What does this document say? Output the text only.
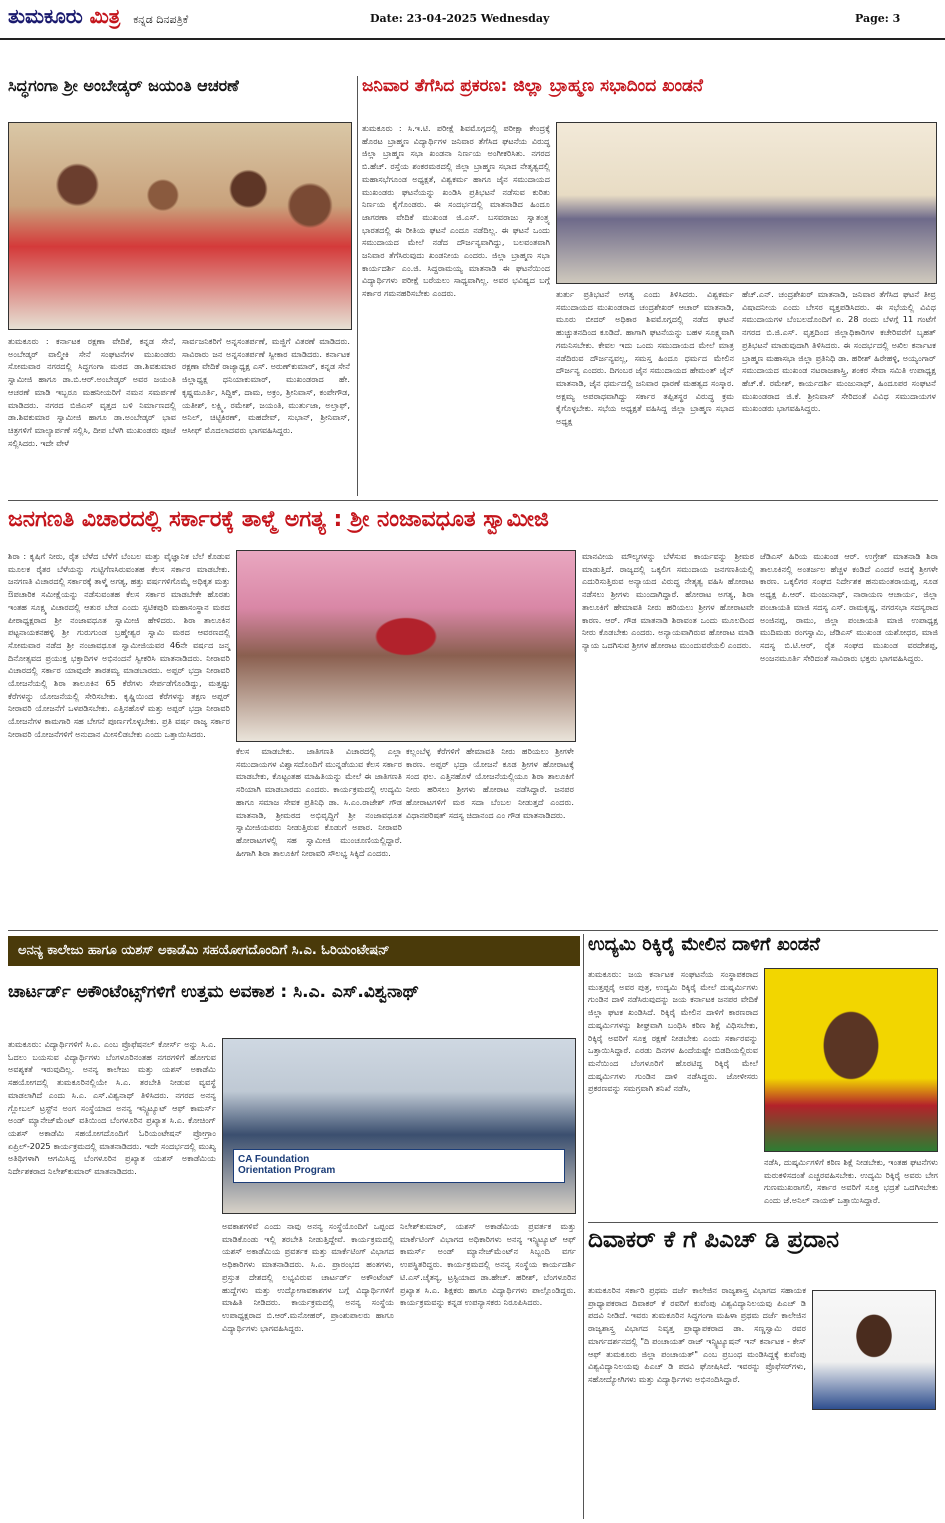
ತುಮಕೂರು ಮಿತ್ರ ಕನ್ನಡ ದಿನಪತ್ರಿಕೆ	Date: 23-04-2025 Wednesday	Page: 3
ಸಿದ್ಧಗಂಗಾ ಶ್ರೀ ಅಂಬೇಡ್ಕರ್ ಜಯಂತಿ ಆಚರಣೆ
ತುಮಕೂರು : ಕರ್ನಾಟಕ ರಕ್ಷಣಾ ವೇದಿಕೆ, ಕನ್ನಡ ಸೇನೆ, ಅಂಬೇಡ್ಕರ್ ವಾಲ್ಮೀಕಿ ಸೇನೆ ಸಂಘಟನೆಗಳ ಮುಖಂಡರು ಸೋಮವಾರ ನಗರದಲ್ಲಿ ಸಿದ್ಧಗಂಗಾ ಮಠದ ಡಾ.ಶಿವಕುಮಾರ ಸ್ವಾಮೀಜಿ ಹಾಗೂ ಡಾ.ಬಿ.ಆರ್.ಅಂಬೇಡ್ಕರ್ ಅವರ ಜಯಂತಿ ಆಚರಣೆ ಮಾಡಿ ಇಬ್ಬರೂ ಮಹನೀಯರಿಗೆ ನಮನ ಸಮರ್ಪಣೆ ಮಾಡಿದರು. ನಗರದ ಬಿಜಿಎಸ್ ವೃತ್ತದ ಬಳಿ ನಿರ್ಮಾಣದಲ್ಲಿ ಡಾ.ಶಿವಕುಮಾರ ಸ್ವಾಮೀಜಿ ಹಾಗೂ ಡಾ.ಅಂಬೇಡ್ಕರ್ ಭಾವ ಚಿತ್ರಗಳಿಗೆ ಮಾಲ್ಯಾರ್ಪಣೆ ಸಲ್ಲಿಸಿ, ದೀಪ ಬೆಳಗಿ ಮುಖಂಡರು ಪೂಜೆ ಸಲ್ಲಿಸಿದರು. ಇದೇ ವೇಳೆ
ಸಾರ್ವಜನಿಕರಿಗೆ ಅನ್ನಸಂತರ್ಪಣೆ, ಮಜ್ಜಿಗೆ ವಿತರಣೆ ಮಾಡಿದರು. ಸಾವಿರಾರು ಜನ ಅನ್ನಸಂತರ್ಪಣೆ ಸ್ವೀಕಾರ ಮಾಡಿದರು. ಕರ್ನಾಟಕ ರಕ್ಷಣಾ ವೇದಿಕೆ ರಾಜ್ಯಾಧ್ಯಕ್ಷ ಎಸ್. ಅರುಣ್‌ಕುಮಾರ್, ಕನ್ನಡ ಸೇನೆ ಜಿಲ್ಲಾಧ್ಯಕ್ಷ ಧನಿಯಾಕುಮಾರ್, ಮುಖಂಡರಾದ ಹೇ. ಕೃಷ್ಣಮೂರ್ತಿ, ಸಿದ್ದಿಕ್, ದಾಮ, ಅಕ್ರಂ, ಶ್ರೀನಿವಾಸ್, ಕಂಪೇಗೌಡ, ಯತೀಶ್, ಲಕ್ಷ್ಮಿ, ರಮೇಶ್, ಜಯಂತಿ, ಮುರ್ತುಜಾ, ಅಲ್ತಾಫ್, ಅನಿಲ್, ಚಿಟ್ಟಿಕಿರಣ್, ಮಹದೇವ್, ಸುಭಾನ್, ಶ್ರೀನಿವಾಸ್, ಆಸೀಫ್ ಮೊದಲಾದವರು ಭಾಗವಹಿಸಿದ್ದರು.
ಜನಿವಾರ ತೆಗೆಸಿದ ಪ್ರಕರಣ: ಜಿಲ್ಲಾ ಬ್ರಾಹ್ಮಣ ಸಭಾದಿಂದ ಖಂಡನೆ
ತುಮಕೂರು : ಸಿ.ಇ.ಟಿ. ಪರೀಕ್ಷೆ ಶಿವಮೊಗ್ಗದಲ್ಲಿ ಪರೀಕ್ಷಾ ಕೇಂದ್ರಕ್ಕೆ ಹೊರಟ ಬ್ರಾಹ್ಮಣ ವಿದ್ಯಾರ್ಥಿಗಳ ಜನಿವಾರ ತೆಗೆಸಿದ ಘಟನೆಯ ವಿರುದ್ಧ ಜಿಲ್ಲಾ ಬ್ರಾಹ್ಮಣ ಸಭಾ ಖಂಡನಾ ನಿರ್ಣಯ ಅಂಗೀಕರಿಸಿತು. ನಗರದ ಬಿ.ಹೆಚ್. ರಸ್ತೆಯ ಶಂಕರಮಠದಲ್ಲಿ ಜಿಲ್ಲಾ ಬ್ರಾಹ್ಮಣ ಸಭಾದ ನೇತೃತ್ವದಲ್ಲಿ ಮಹಾಸಭೆಗೂಂಡ ಅಧ್ಯಕ್ಷತೆ, ವಿಶ್ವಕರ್ಮ ಹಾಗೂ ಜೈನ ಸಮುದಾಯದ ಮುಖಂಡರು ಘಟನೆಯನ್ನು ಖಂಡಿಸಿ ಪ್ರತಿಭಟನೆ ನಡೆಸುವ ಕುರಿತು ನಿರ್ಣಯ ಕೈಗೊಂಡರು. ಈ ಸಂದರ್ಭದಲ್ಲಿ ಮಾತನಾಡಿದ ಹಿಂದೂ ಜಾಗರಣಾ ವೇದಿಕೆ ಮುಖಂಡ ಜಿ.ಎಸ್. ಬಸವರಾಜು ಸ್ವಾತಂತ್ರ್ಯ ಭಾರತದಲ್ಲಿ ಈ ರೀತಿಯ ಘಟನೆ ಎಂದೂ ನಡೆದಿಲ್ಲ. ಈ ಘಟನೆ ಒಂದು ಸಮುದಾಯದ ಮೇಲೆ ನಡೆದ ದೌರ್ಜನ್ಯವಾಗಿದ್ದು, ಬಲವಂತವಾಗಿ ಜನಿವಾರ ತೆಗೆಸಿರುವುದು ಖಂಡನೀಯ ಎಂದರು. ಜಿಲ್ಲಾ ಬ್ರಾಹ್ಮಣ ಸಭಾ ಕಾರ್ಯದರ್ಶಿ ಎಂ.ಜಿ. ಸಿದ್ದರಾಮಯ್ಯ ಮಾತನಾಡಿ ಈ ಘಟನೆಯಿಂದ ವಿದ್ಯಾರ್ಥಿಗಳು ಪರೀಕ್ಷೆ ಬರೆಯಲು ಸಾಧ್ಯವಾಗಿಲ್ಲ. ಅವರ ಭವಿಷ್ಯದ ಬಗ್ಗೆ ಸರ್ಕಾರ ಗಮನಹರಿಸಬೇಕು ಎಂದರು.	ತುರ್ತು ಪ್ರತಿಭಟನೆ ಅಗತ್ಯ ಎಂದು ತಿಳಿಸಿದರು. ವಿಶ್ವಕರ್ಮ ಸಮುದಾಯದ ಮುಖಂಡರಾದ ಚಂದ್ರಶೇಖರ್ ಆಚಾರ್ ಮಾತನಾಡಿ, ಮೂರು ಬೀದರ್ ಅಧಿಕಾರ ಶಿವಮೊಗ್ಗದಲ್ಲಿ ನಡೆದ ಘಟನೆ ಹುಚ್ಚುತನದಿಂದ ಕೂಡಿದೆ. ಹಾಗಾಗಿ ಘಟನೆಯನ್ನು ಬಹಳ ಸೂಕ್ಷ್ಮವಾಗಿ ಗಮನಿಸಬೇಕು. ಕೇವಲ ಇದು ಒಂದು ಸಮುದಾಯದ ಮೇಲೆ ಮಾತ್ರ ನಡೆದಿರುವ ದೌರ್ಜನ್ಯವಲ್ಲ, ಸಮಸ್ತ ಹಿಂದೂ ಧರ್ಮದ ಮೇಲಿನ ದೌರ್ಜನ್ಯ ಎಂದರು. ದಿಗಂಬರ ಜೈನ ಸಮುದಾಯದ ಹೇಮಂತ್ ಜೈನ್ ಮಾತನಾಡಿ, ಜೈನ ಧರ್ಮದಲ್ಲಿ ಜನಿವಾರ ಧಾರಣೆ ಮಹತ್ವದ ಸಂಸ್ಕಾರ. ಅಕ್ಷಮ್ಯ ಅಪರಾಧವಾಗಿದ್ದು ಸರ್ಕಾರ ತಪ್ಪಿತಸ್ಥರ ವಿರುದ್ಧ ಕ್ರಮ ಕೈಗೊಳ್ಳಬೇಕು. ಸಭೆಯ ಅಧ್ಯಕ್ಷತೆ ವಹಿಸಿದ್ದ ಜಿಲ್ಲಾ ಬ್ರಾಹ್ಮಣ ಸಭಾದ ಅಧ್ಯಕ್ಷ
ಹೆಚ್.ಎನ್. ಚಂದ್ರಶೇಖರ್ ಮಾತನಾಡಿ, ಜನಿವಾರ ತೆಗೆಸಿದ ಘಟನೆ ತೀವ್ರ ವಿಷಾದನೀಯ ಎಂದು ಬೇಸರ ವ್ಯಕ್ತಪಡಿಸಿದರು. ಈ ಸಭೆಯಲ್ಲಿ ವಿವಿಧ ಸಮುದಾಯಗಳ ಬೆಂಬಲದೊಂದಿಗೆ ಏ. 28 ರಂದು ಬೆಳಗ್ಗೆ 11 ಗಂಟೆಗೆ ನಗರದ ಬಿ.ಜಿ.ಎಸ್. ವೃತ್ತದಿಂದ ಜಿಲ್ಲಾಧಿಕಾರಿಗಳ ಕಚೇರಿವರೆಗೆ ಬೃಹತ್ ಪ್ರತಿಭಟನೆ ಮಾಡುವುದಾಗಿ ತಿಳಿಸಿದರು. ಈ ಸಂದರ್ಭದಲ್ಲಿ ಅಖಿಲ ಕರ್ನಾಟಕ ಬ್ರಾಹ್ಮಣ ಮಹಾಸಭಾ ಜಿಲ್ಲಾ ಪ್ರತಿನಿಧಿ ಡಾ. ಹರೀಶ್ ಹಿರೇಹಳ್ಳಿ, ಅಯ್ಯಂಗಾರ್ ಸಮುದಾಯದ ಮುಖಂಡ ನಟರಾಜಶಾಸ್ತ್ರಿ, ಶಂಕರ ಸೇವಾ ಸಮಿತಿ ಉಪಾಧ್ಯಕ್ಷ ಹೆಚ್.ಕೆ. ರಮೇಶ್, ಕಾರ್ಯದರ್ಶಿ ಮಂಜುನಾಥ್, ಹಿಂದೂಪರ ಸಂಘಟನೆ ಮುಖಂಡರಾದ ಜಿ.ಕೆ. ಶ್ರೀನಿವಾಸ್ ಸೇರಿದಂತೆ ವಿವಿಧ ಸಮುದಾಯಗಳ ಮುಖಂಡರು ಭಾಗವಹಿಸಿದ್ದರು.
ಜನಗಣತಿ ವಿಚಾರದಲ್ಲಿ ಸರ್ಕಾರಕ್ಕೆ ತಾಳ್ಮೆ ಅಗತ್ಯ : ಶ್ರೀ ನಂಜಾವಧೂತ ಸ್ವಾಮೀಜಿ
ಶಿರಾ : ಕೃಷಿಗೆ ನೀರು, ರೈತ ಬೆಳೆದ ಬೆಳೆಗೆ ಬೆಂಬಲ ಮತ್ತು ವೈಜ್ಞಾನಿಕ ಬೆಲೆ ಕೊಡುವ ಮೂಲಕ ರೈತರ ಬೆಳೆಯನ್ನು ಗುಟ್ಟಿಗೆಣಸಿರುವಂತಹ ಕೆಲಸ ಸರ್ಕಾರ ಮಾಡಬೇಕು. ಜನಗಣತಿ ವಿಚಾರದಲ್ಲಿ ಸರ್ಕಾರಕ್ಕೆ ತಾಳ್ಮೆ ಅಗತ್ಯ, ಹತ್ತು ವರ್ಷಗಳಿಗೊಮ್ಮೆ ಅಧಿಕೃತ ಮತ್ತು ಔಪಚಾರಿಕ ಸಮೀಕ್ಷೆಯನ್ನು ನಡೆಸುವಂತಹ ಕೆಲಸ ಸರ್ಕಾರ ಮಾಡಬೇಕೇ ಹೊರತು ಇಂತಹ ಸೂಕ್ಷ್ಮ ವಿಚಾರದಲ್ಲಿ ಆತುರ ಬೇಡ ಎಂದು ಸ್ಫಟಿಕಪುರಿ ಮಹಾಸಂಸ್ಥಾನ ಮಠದ ಪೀಠಾಧ್ಯಕ್ಷರಾದ ಶ್ರೀ ನಂಜಾವಧೂತ ಸ್ವಾಮೀಜಿ ಹೇಳಿದರು. ಶಿರಾ ತಾಲೂಕಿನ ಪಟ್ಟನಾಯಕನಹಳ್ಳಿ ಶ್ರೀ ಗುರುಗುಂಡ ಬ್ರಹ್ಮೇಶ್ವರ ಸ್ವಾಮಿ ಮಠದ ಆವರಣದಲ್ಲಿ ಸೋಮವಾರ ನಡೆದ ಶ್ರೀ ನಂಜಾವಧೂತ ಸ್ವಾಮೀಜಿಯವರ 46ನೇ ವರ್ಷದ ಜನ್ಮ ದಿನೋತ್ಸವದ ಪ್ರಯುಕ್ತ ಭಕ್ತಾದಿಗಳ ಅಭಿನಂದನೆ ಸ್ವೀಕರಿಸಿ ಮಾತನಾಡಿದರು. ನೀರಾವರಿ ವಿಚಾರದಲ್ಲಿ ಸರ್ಕಾರ ಯಾವುದೇ ತಾರತಮ್ಯ ಮಾಡಬಾರದು. ಅಪ್ಪರ್ ಭದ್ರಾ ನೀರಾವರಿ ಯೋಜನೆಯಲ್ಲಿ ಶಿರಾ ತಾಲೂಕಿನ 65 ಕೆರೆಗಳು ಸೇರ್ಪಡೆಗೊಂಡಿದ್ದು, ಮತ್ತಷ್ಟು ಕೆರೆಗಳನ್ನು ಯೋಜನೆಯಲ್ಲಿ ಸೇರಿಸಬೇಕು. ಕೃಷ್ಣಿಯಿಂದ ಕೆರೆಗಳನ್ನು ತಕ್ಷಣ ಅಪ್ಪರ್ ನೀರಾವರಿ ಯೋಜನೆಗೆ ಒಳಪಡಿಸಬೇಕು. ಎತ್ತಿನಹೊಳೆ ಮತ್ತು ಅಪ್ಪರ್ ಭದ್ರಾ ನೀರಾವರಿ ಯೋಜನೆಗಳ ಕಾಮಗಾರಿ ಸಹ ಬೇಗನೆ ಪೂರ್ಣಗೊಳ್ಳಬೇಕು. ಪ್ರತಿ ವರ್ಷ ರಾಜ್ಯ ಸರ್ಕಾರ ನೀರಾವರಿ ಯೋಜನೆಗಳಿಗೆ ಅನುದಾನ ಮೀಸಲಿಡಬೇಕು ಎಂದು ಒತ್ತಾಯಿಸಿದರು.
ಕೆಲಸ ಮಾಡಬೇಕು. ಜಾತಿಗಣತಿ ವಿಚಾರದಲ್ಲಿ ಎಲ್ಲಾ ಸಮುದಾಯಗಳ ವಿಶ್ವಾಸದೊಂದಿಗೆ ಮುನ್ನಡೆಯುವ ಕೆಲಸ ಸರ್ಕಾರ ಮಾಡಬೇಕು, ಕೊಟ್ಟಂತಹ ಮಾಹಿತಿಯನ್ನು ಮೇಲೆ ಈ ಜಾತಿಗಣತಿ ಸರಿಯಾಗಿ ಮಾಡಬಾರದು ಎಂದರು. ಕಾರ್ಯಕ್ರಮದಲ್ಲಿ ಉದ್ಯಮಿ ಹಾಗೂ ಸಮಾಜ ಸೇವಕ ಪ್ರತಿನಿಧಿ ಡಾ. ಸಿ.ಎಂ.ರಾಜೇಶ್ ಗೌಡ ಮಾತನಾಡಿ, ಶ್ರೀಮಠದ ಅಭಿವೃದ್ಧಿಗೆ ಶ್ರೀ ನಂಜಾವಧೂತ ಸ್ವಾಮೀಜಿಯವರು ನೀಡುತ್ತಿರುವ ಕೊಡುಗೆ ಅಪಾರ. ನೀರಾವರಿ ಹೋರಾಟಗಳಲ್ಲಿ ಸಹ ಸ್ವಾಮೀಜಿ ಮುಂಚೂಣಿಯಲ್ಲಿದ್ದಾರೆ. ಹೀಗಾಗಿ ಶಿರಾ ತಾಲೂಕಿಗೆ ನೀರಾವರಿ ಸೌಲಭ್ಯ ಸಿಕ್ಕಿದೆ ಎಂದರು.
ಕಲ್ಲಂಬೆಳ್ಳ ಕೆರೆಗಳಿಗೆ ಹೇಮಾವತಿ ನೀರು ಹರಿಯಲು ಶ್ರೀಗಳೇ ಕಾರಣ. ಅಪ್ಪರ್ ಭದ್ರಾ ಯೋಜನೆ ಕೂಡ ಶ್ರೀಗಳ ಹೋರಾಟಕ್ಕೆ ಸಂದ ಫಲ. ಎತ್ತಿನಹೊಳೆ ಯೋಜನೆಯಲ್ಲಿಯೂ ಶಿರಾ ತಾಲೂಕಿಗೆ ನೀರು ಹರಿಸಲು ಶ್ರೀಗಳು ಹೋರಾಟ ನಡೆಸಿದ್ದಾರೆ. ಜನಪರ ಹೋರಾಟಗಳಿಗೆ ಮಠ ಸದಾ ಬೆಂಬಲ ನೀಡುತ್ತದೆ ಎಂದರು. ವಿಧಾನಪರಿಷತ್ ಸದಸ್ಯ ಚಿದಾನಂದ ಎಂ ಗೌಡ ಮಾತನಾಡಿದರು.
ಮಾನವೀಯ ಮೌಲ್ಯಗಳನ್ನು ಬೆಳೆಸುವ ಕಾರ್ಯವನ್ನು ಶ್ರೀಮಠ ಮಾಡುತ್ತಿದೆ. ರಾಜ್ಯದಲ್ಲಿ ಒಕ್ಕಲಿಗ ಸಮುದಾಯ ಜನಗಣತಿಯಲ್ಲಿ ಎದುರಿಸುತ್ತಿರುವ ಅನ್ಯಾಯದ ವಿರುದ್ಧ ನೇತೃತ್ವ ವಹಿಸಿ ಹೋರಾಟ ನಡೆಸಲು ಶ್ರೀಗಳು ಮುಂದಾಗಿದ್ದಾರೆ. ಹೋರಾಟ ಅಗತ್ಯ, ಶಿರಾ ತಾಲೂಕಿಗೆ ಹೇಮಾವತಿ ನೀರು ಹರಿಯಲು ಶ್ರೀಗಳ ಹೋರಾಟವೇ ಕಾರಣ. ಆರ್. ಗೌಡ ಮಾತನಾಡಿ ಶಿರಾವಂತ ಒಂದು ಮೂಲದಿಂದ ನೀರು ಕೊಡಬೇಕು ಎಂದರು. ಅನ್ಯಾಯವಾಗಿರುವ ಹೋರಾಟ ಮಾಡಿ ನ್ಯಾಯ ಒದಗಿಸುವ ಶ್ರೀಗಳ ಹೋರಾಟ ಮುಂದುವರೆಯಲಿ ಎಂದರು.
ಜೆಡಿಎಸ್ ಹಿರಿಯ ಮುಖಂಡ ಆರ್. ಉಗ್ರೇಶ್ ಮಾತನಾಡಿ ಶಿರಾ ತಾಲೂಕಿನಲ್ಲಿ ಅಂತರ್ಜಲ ಹೆಚ್ಚಳ ಕಂಡಿದೆ ಎಂದರೆ ಅದಕ್ಕೆ ಶ್ರೀಗಳೇ ಕಾರಣ. ಒಕ್ಕಲಿಗರ ಸಂಘದ ನಿರ್ದೇಶಕ ಹನುಮಂತರಾಯಪ್ಪ, ಸೂಡ ಅಧ್ಯಕ್ಷ ಪಿ.ಆರ್. ಮಂಜುನಾಥ್, ನಾರಾಯಣ ಆಚಾರ್ಯ, ಜಿಲ್ಲಾ ಪಂಚಾಯತಿ ಮಾಜಿ ಸದಸ್ಯ ಎಸ್. ರಾಮಕೃಷ್ಣ, ನಗರಸಭಾ ಸದಸ್ಯರಾದ ಅಂಜಿನಪ್ಪ, ರಾಮು, ಜಿಲ್ಲಾ ಪಂಚಾಯತಿ ಮಾಜಿ ಉಪಾಧ್ಯಕ್ಷ ಮುದಿಮಡು ರಂಗಸ್ವಾಮಿ, ಜೆಡಿಎಸ್ ಮುಖಂಡ ಯಶೋಧರ, ಮಾಜಿ ಸದಸ್ಯ ಬಿ.ಟಿ.ಆರ್, ರೈತ ಸಂಘದ ಮುಖಂಡ ವರದೇಶಪ್ಪ, ಅಂಜನಮೂರ್ತಿ ಸೇರಿದಂತೆ ಸಾವಿರಾರು ಭಕ್ತರು ಭಾಗವಹಿಸಿದ್ದರು.
ಅನನ್ಯ ಕಾಲೇಜು ಹಾಗೂ ಯಶಸ್ ಅಕಾಡೆಮಿ ಸಹಯೋಗದೊಂದಿಗೆ ಸಿ.ಎ. ಓರಿಯಂಟೇಷನ್
ಚಾರ್ಟರ್ಡ್ ಅಕೌಂಟೆಂಟ್ಸ್‌ಗಳಿಗೆ ಉತ್ತಮ ಅವಕಾಶ : ಸಿ.ಎ. ಎಸ್.ವಿಶ್ವನಾಥ್
ತುಮಕೂರು: ವಿದ್ಯಾರ್ಥಿಗಳಿಗೆ ಸಿ.ಎ. ಎಂಬ ಪ್ರೊಫೆಷನಲ್ ಕೋರ್ಸ್ ಅನ್ನು ಸಿ.ಎ. ಓದಲು ಬಯಸುವ ವಿದ್ಯಾರ್ಥಿಗಳು ಬೆಂಗಳೂರಿನಂತಹ ನಗರಗಳಿಗೆ ಹೋಗುವ ಅವಶ್ಯಕತೆ ಇರುವುದಿಲ್ಲ. ಅನನ್ಯ ಕಾಲೇಜು ಮತ್ತು ಯಶಸ್ ಅಕಾಡೆಮಿ ಸಹಯೋಗದಲ್ಲಿ ತುಮಕೂರಿನಲ್ಲಿಯೇ ಸಿ.ಎ. ತರಬೇತಿ ನೀಡುವ ವ್ಯವಸ್ಥೆ ಮಾಡಲಾಗಿದೆ ಎಂದು ಸಿ.ಎ. ಎಸ್.ವಿಶ್ವನಾಥ್ ತಿಳಿಸಿದರು. ನಗರದ ಅನನ್ಯ ಗ್ಲೋಬಲ್ ಟ್ರಸ್ಟ್‌ನ ಅಂಗ ಸಂಸ್ಥೆಯಾದ ಅನನ್ಯ ಇನ್ಸ್ಟಿಟ್ಯೂಟ್ ಆಫ್ ಕಾಮರ್ಸ್ ಅಂಡ್ ಮ್ಯಾನೇಜ್‌ಮೆಂಟ್ ವತಿಯಿಂದ ಬೆಂಗಳೂರಿನ ಪ್ರಖ್ಯಾತ ಸಿ.ಎ. ಕೋಚಿಂಗ್ ಯಶಸ್ ಅಕಾಡೆಮಿ ಸಹಯೋಗದೊಂದಿಗೆ ಓರಿಯಂಟೇಷನ್ ಪ್ರೋಗ್ರಾಂ ಏಪ್ರಿಲ್-2025 ಕಾರ್ಯಕ್ರಮದಲ್ಲಿ ಮಾತನಾಡಿದರು. ಇದೇ ಸಂದರ್ಭದಲ್ಲಿ ಮುಖ್ಯ ಅತಿಥಿಗಳಾಗಿ ಆಗಮಿಸಿದ್ದ ಬೆಂಗಳೂರಿನ ಪ್ರಖ್ಯಾತ ಯಶಸ್ ಅಕಾಡೆಮಿಯ ನಿರ್ದೇಶಕರಾದ ನಿಲೇಶ್‌ಕುಮಾರ್ ಮಾತನಾಡಿದರು.
CA Foundation
Orientation Program
ಅವಕಾಶಗಳಿವೆ ಎಂದು ನಾವು ಅನನ್ಯ ಸಂಸ್ಥೆಯೊಂದಿಗೆ ಒಪ್ಪಂದ ಮಾಡಿಕೊಂಡು ಇಲ್ಲಿ ತರಬೇತಿ ನೀಡುತ್ತಿದ್ದೇವೆ. ಕಾರ್ಯಕ್ರಮದಲ್ಲಿ ಯಶಸ್ ಅಕಾಡೆಮಿಯ ಪ್ರವರ್ತಕ ಮತ್ತು ಮಾರ್ಕೆಟಿಂಗ್ ವಿಭಾಗದ ಅಧಿಕಾರಿಗಳು ಮಾತನಾಡಿದರು. ಸಿ.ಎ. ಪ್ರಾರಂಭದ ಹಂತಗಳು, ಪ್ರಸ್ತುತ ದೇಶದಲ್ಲಿ ಲಭ್ಯವಿರುವ ಚಾರ್ಟರ್ಡ್ ಅಕೌಂಟೆಂಟ್ ಹುದ್ದೆಗಳು ಮತ್ತು ಉದ್ಯೋಗಾವಕಾಶಗಳ ಬಗ್ಗೆ ವಿದ್ಯಾರ್ಥಿಗಳಿಗೆ ಮಾಹಿತಿ ನೀಡಿದರು. ಕಾರ್ಯಕ್ರಮದಲ್ಲಿ ಅನನ್ಯ ಸಂಸ್ಥೆಯ ಉಪಾಧ್ಯಕ್ಷರಾದ ಬಿ.ಆರ್.ಮನೋಹರ್, ಪ್ರಾಂಶುಪಾಲರು ಹಾಗೂ ವಿದ್ಯಾರ್ಥಿಗಳು ಭಾಗವಹಿಸಿದ್ದರು.
ನಿಲೇಶ್‌ಕುಮಾರ್, ಯಶಸ್ ಅಕಾಡೆಮಿಯ ಪ್ರವರ್ತಕ ಮತ್ತು ಮಾರ್ಕೆಟಿಂಗ್ ವಿಭಾಗದ ಅಧಿಕಾರಿಗಳು ಅನನ್ಯ ಇನ್ಸ್ಟಿಟ್ಯೂಟ್ ಆಫ್ ಕಾಮರ್ಸ್ ಅಂಡ್ ಮ್ಯಾನೇಜ್‌ಮೆಂಟ್‌ನ ಸಿಬ್ಬಂದಿ ವರ್ಗ ಉಪಸ್ಥಿತರಿದ್ದರು. ಕಾರ್ಯಕ್ರಮದಲ್ಲಿ ಅನನ್ಯ ಸಂಸ್ಥೆಯ ಕಾರ್ಯದರ್ಶಿ ಟಿ.ಎಸ್.ಚೈತನ್ಯ, ಟ್ರಸ್ಟಿಯಾದ ಡಾ.ಹೇಚ್. ಹರೀಶ್, ಬೆಂಗಳೂರಿನ ಪ್ರಖ್ಯಾತ ಸಿ.ಎ. ಶಿಕ್ಷಕರು ಹಾಗೂ ವಿದ್ಯಾರ್ಥಿಗಳು ಪಾಲ್ಗೊಂಡಿದ್ದರು. ಕಾರ್ಯಕ್ರಮವನ್ನು ಕನ್ನಡ ಉಪನ್ಯಾಸಕರು ನಿರೂಪಿಸಿದರು.
ಉದ್ಯಮಿ ರಿಕ್ಕಿರೈ ಮೇಲಿನ ದಾಳಿಗೆ ಖಂಡನೆ
ತುಮಕೂರು: ಜಯ ಕರ್ನಾಟಕ ಸಂಘಟನೆಯ ಸಂಸ್ಥಾಪಕರಾದ ಮುತ್ತಪ್ಪರೈ ಅವರ ಪುತ್ರ, ಉದ್ಯಮಿ ರಿಕ್ಕಿರೈ ಮೇಲೆ ದುಷ್ಕರ್ಮಿಗಳು ಗುಂಡಿನ ದಾಳಿ ನಡೆಸಿರುವುದನ್ನು ಜಯ ಕರ್ನಾಟಕ ಜನಪರ ವೇದಿಕೆ ಜಿಲ್ಲಾ ಘಟಕ ಖಂಡಿಸಿದೆ. ರಿಕ್ಕಿರೈ ಮೇಲಿನ ದಾಳಿಗೆ ಕಾರಣರಾದ ದುಷ್ಕರ್ಮಿಗಳನ್ನು ಶೀಘ್ರವಾಗಿ ಬಂಧಿಸಿ ಕಠಿಣ ಶಿಕ್ಷೆ ವಿಧಿಸಬೇಕು, ರಿಕ್ಕಿರೈ ಅವರಿಗೆ ಸೂಕ್ತ ರಕ್ಷಣೆ ನೀಡಬೇಕು ಎಂದು ಸರ್ಕಾರವನ್ನು ಒತ್ತಾಯಿಸಿದ್ದಾರೆ. ಎರಡು ದಿನಗಳ ಹಿಂದೆಯಷ್ಟೇ ಬಿಡದಿಯಲ್ಲಿರುವ ಮನೆಯಿಂದ ಬೆಂಗಳೂರಿಗೆ ಹೊರಟಿದ್ದ ರಿಕ್ಕಿರೈ ಮೇಲೆ ದುಷ್ಕರ್ಮಿಗಳು ಗುಂಡಿನ ದಾಳಿ ನಡೆಸಿದ್ದರು. ಜೋಳೀಸರು ಪ್ರಕರಣವನ್ನು ಸಮಗ್ರವಾಗಿ ತನಿಖೆ ನಡೆಸಿ,
ನಡೆಸಿ, ದುಷ್ಕರ್ಮಿಗಳಿಗೆ ಕಠಿಣ ಶಿಕ್ಷೆ ನೀಡಬೇಕು, ಇಂತಹ ಘಟನೆಗಳು ಮರುಕಳಿಸದಂತೆ ಎಚ್ಚರವಹಿಸಬೇಕು. ಉದ್ಯಮಿ ರಿಕ್ಕಿರೈ ಅವರು ಬೇಗ ಗುಣಮುಖರಾಗಲಿ, ಸರ್ಕಾರ ಅವರಿಗೆ ಸೂಕ್ತ ಭದ್ರತೆ ಒದಗಿಸಬೇಕು ಎಂದು ಜೆ.ಅನಿಲ್ ನಾಯಕ್ ಒತ್ತಾಯಿಸಿದ್ದಾರೆ.
ದಿವಾಕರ್ ಕೆ ಗೆ ಪಿಎಚ್ ಡಿ ಪ್ರದಾನ
ತುಮಕೂರಿನ ಸರ್ಕಾರಿ ಪ್ರಥಮ ದರ್ಜೆ ಕಾಲೇಜಿನ ರಾಜ್ಯಶಾಸ್ತ್ರ ವಿಭಾಗದ ಸಹಾಯಕ ಪ್ರಾಧ್ಯಾಪಕರಾದ ದಿವಾಕರ್ ಕೆ ರವರಿಗೆ ಕುವೆಂಪು ವಿಶ್ವವಿದ್ಯಾನಿಲಯವು ಪಿಎಚ್ ಡಿ ಪದವಿ ನೀಡಿದೆ. ಇವರು ತುಮಕೂರಿನ ಸಿದ್ಧಗಂಗಾ ಮಹಿಳಾ ಪ್ರಥಮ ದರ್ಜೆ ಕಾಲೇಜಿನ ರಾಜ್ಯಶಾಸ್ತ್ರ ವಿಭಾಗದ ನಿವೃತ್ತ ಪ್ರಾಧ್ಯಾಪಕರಾದ ಡಾ. ಸಣ್ಣಸ್ವಾಮಿ ರವರ ಮಾರ್ಗದರ್ಶನದಲ್ಲಿ "ದಿ ಪಂಚಾಯತ್ ರಾಜ್ ಇನ್ಸ್ಟಿಟ್ಯೂಷನ್ ಇನ್ ಕರ್ನಾಟಕ - ಕೇಸ್ ಆಫ್ ತುಮಕೂರು ಜಿಲ್ಲಾ ಪಂಚಾಯತ್" ಎಂಬ ಪ್ರಬಂಧ ಮಂಡಿಸಿದ್ದಕ್ಕೆ ಕುವೆಂಪು ವಿಶ್ವವಿದ್ಯಾನಿಲಯವು ಪಿಎಚ್ ಡಿ ಪದವಿ ಘೋಷಿಸಿದೆ. ಇವರನ್ನು ಪ್ರೊಫೆಸರ್‌ಗಳು, ಸಹೋದ್ಯೋಗಿಗಳು ಮತ್ತು ವಿದ್ಯಾರ್ಥಿಗಳು ಅಭಿನಂದಿಸಿದ್ದಾರೆ.
